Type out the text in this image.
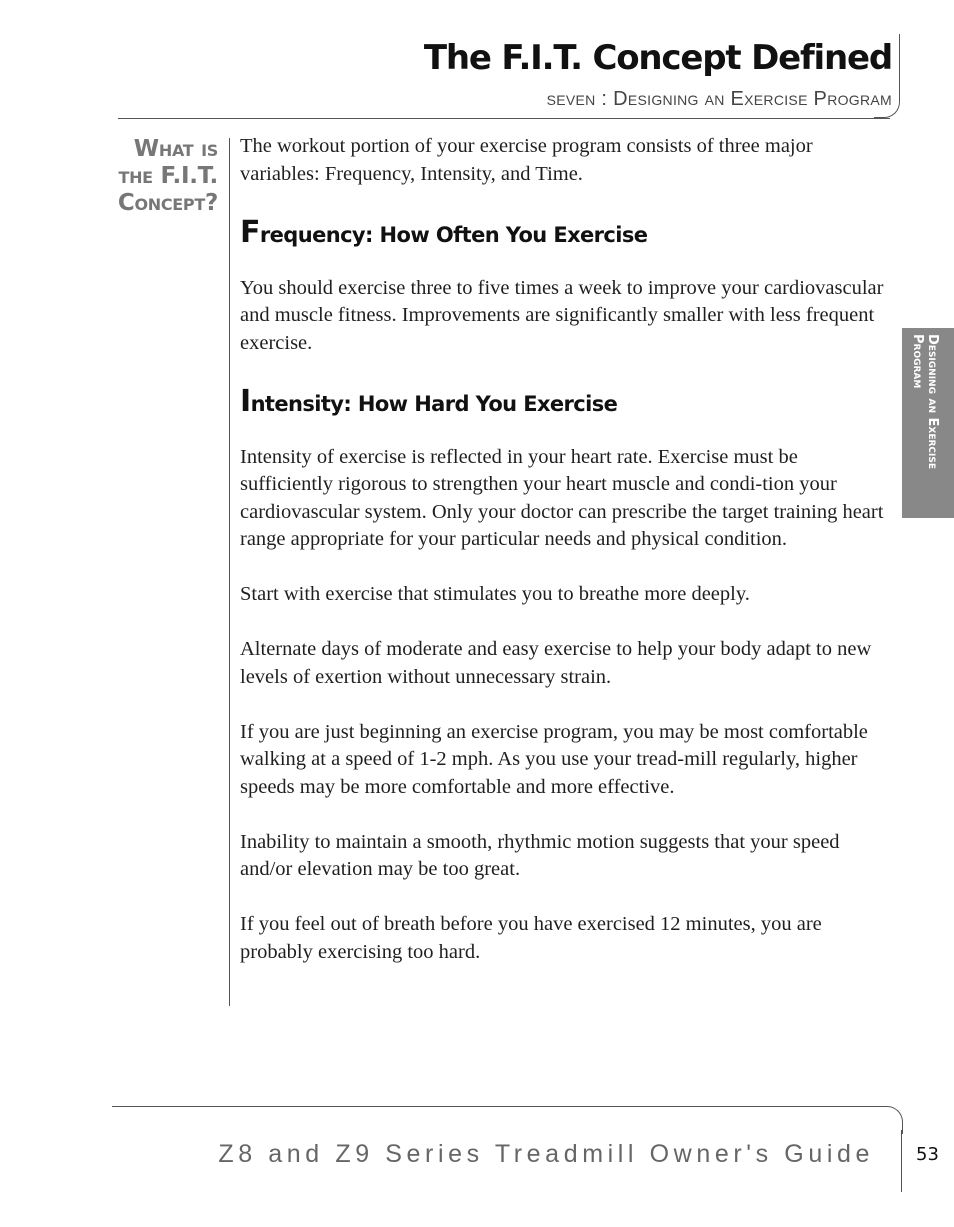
The F.I.T. Concept Defined
seven : Designing an Exercise Program
What is
the F.I.T.
Concept?

The workout portion of your exercise program consists of three major variables: Frequency, Intensity, and Time.

Frequency: How Often You Exercise

You should exercise three to five times a week to improve your cardiovascular and muscle fitness. Improvements are significantly smaller with less frequent exercise.

Intensity: How Hard You Exercise

Intensity of exercise is reflected in your heart rate. Exercise must be sufficiently rigorous to strengthen your heart muscle and condi-tion your cardiovascular system. Only your doctor can prescribe the target training heart range appropriate for your particular needs and physical condition.

Start with exercise that stimulates you to breathe more deeply.

Alternate days of moderate and easy exercise to help your body adapt to new levels of exertion without unnecessary strain.

If you are just beginning an exercise program, you may be most comfortable walking at a speed of 1-2 mph. As you use your tread-mill regularly, higher speeds may be more comfortable and more effective.

Inability to maintain a smooth, rhythmic motion suggests that your speed and/or elevation may be too great.

If you feel out of breath before you have exercised 12 minutes, you are probably exercising too hard.

Designing an Exercise
Program
Z8 and Z9 Series Treadmill Owner's Guide 53
